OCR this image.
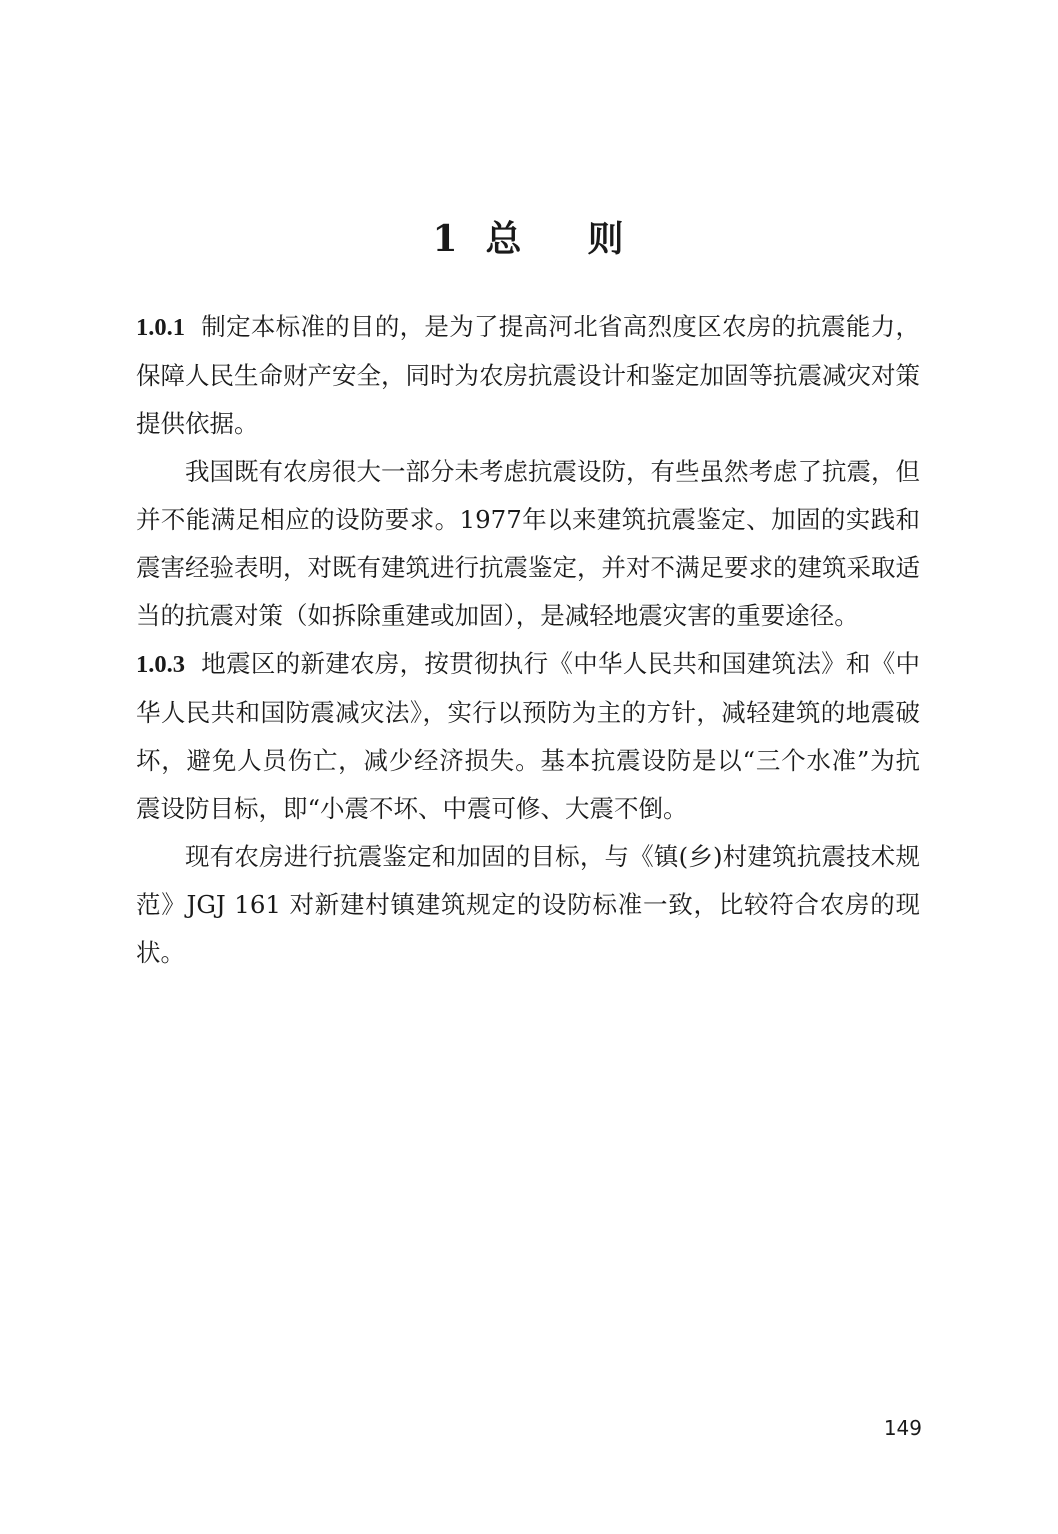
1 总 则

1.0.1 制定本标准的目的，是为了提高河北省高烈度区农房的抗震能力，保障人民生命财产安全，同时为农房抗震设计和鉴定加固等抗震减灾对策提供依据。

我国既有农房很大一部分未考虑抗震设防，有些虽然考虑了抗震，但并不能满足相应的设防要求。1977年以来建筑抗震鉴定、加固的实践和震害经验表明，对既有建筑进行抗震鉴定，并对不满足要求的建筑采取适当的抗震对策（如拆除重建或加固），是减轻地震灾害的重要途径。

1.0.3 地震区的新建农房，按贯彻执行《中华人民共和国建筑法》和《中华人民共和国防震减灾法》，实行以预防为主的方针，减轻建筑的地震破坏，避免人员伤亡，减少经济损失。基本抗震设防是以“三个水准”为抗震设防目标，即“小震不坏、中震可修、大震不倒。

现有农房进行抗震鉴定和加固的目标，与《镇(乡)村建筑抗震技术规范》JGJ 161 对新建村镇建筑规定的设防标准一致，比较符合农房的现状。

149
